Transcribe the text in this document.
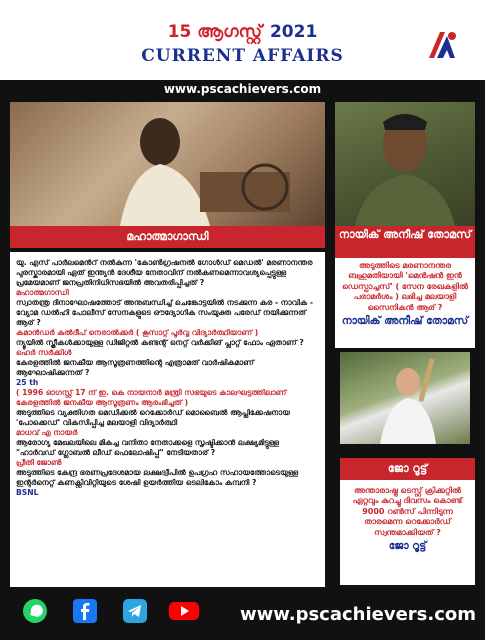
15 ആഗസ്റ്റ് 2021
CURRENT AFFAIRS
www.pscachievers.com
മഹാത്മാഗാന്ധി	നായിക് അനീഷ് തോമസ്
ജോ റൂട്ട്

യു. എസ് പാർലമെൻറ് നൽകുന്ന 'കോൺഗ്രഷനൽ ഗോൾഡ് മെഡൽ' മരണാനന്തര പുരസ്കാരമായി ഏത് ഇന്ത്യൻ ദേശീയ നേതാവിന് നൽകണമെന്നാവശ്യപ്പെട്ടുള്ള പ്രമേയമാണ് ജനപ്രതിനിധിസഭയിൽ അവതരിപ്പിച്ചത് ?

മഹാത്മഗാന്ധി

സ്വാതന്ത്ര ദിനാഘോഷത്തോട് അനുബന്ധിച്ച് ചെങ്കോട്ടയിൽ നടക്കുന്ന കര - നാവിക - വ്യോമ ഡൽഹി പോലീസ് സേനകളുടെ ഔദ്യോഗിക സംയുക്ത പരേഡ് നയിക്കുന്നത് ആര് ?

കമാൻഡർ കുൽദീപ് നെരാൽക്കർ ( കൂസാറ്റ് പൂർവ്വ വിദ്യാർത്ഥിയാണ് )

ന്യൂയിൽ സ്ത്രീകൾക്കായുള്ള ഡിജിറ്റൽ കണ്ടന്റ് നെറ്റ് വർക്കിങ് പ്ലാറ്റ് ഫോം ഏതാണ് ?

ഹെർ സർക്കിൾ

കേരളത്തിൽ ജനകീയ ആസൂത്രണത്തിന്റെ എത്രാമത് വാർഷികമാണ് ആഘോഷിക്കുന്നത് ?

25 th

( 1996 ഓഗസ്റ്റ് 17 ന് ഇ. കെ നായനാർ മന്ത്രി സഭയുടെ കാലഘട്ടത്തിലാണ് കേരളത്തിൽ ജനകീയ ആസൂത്രണം ആരംഭിച്ചത് )

അടുത്തിടെ വ്യക്തിഗത മെഡിക്കൽ റെക്കോർഡ് മൊബൈൽ ആപ്ലിക്കേഷനായ 'പോക്കെഡ്' വികസിപ്പിച്ച മലയാളി വിദ്യാർത്ഥി

മാധവ് എ നായർ

ആരോഗ്യ മേഖലയിലെ മികച്ച വനിതാ നേതാക്കളെ സൃഷ്ടിക്കാൻ ലക്ഷ്യമിട്ടുള്ള "ഹാർവഡ് ഗ്ലോബൽ ലീഡ് ഫെലോഷിപ്പ്" നേടിയതാര് ?

പ്രീതി ജോൺ

അടുത്തിടെ കേന്ദ്ര ഭരണപ്രദേശമായ ലക്ഷദ്വീപിൽ ഉപഗ്രഹ സഹായത്തോടെയുള്ള ഇന്റർനെറ്റ് കണക്റ്റിവിറ്റിയുടെ ശേഷി ഉയർത്തിയ ടെലികോം കമ്പനി ?

BSNL

അടുത്തിടെ മരണാനന്തര ബഹുമതിയായി 'മെൻഷൻ ഇൻ ഡെസ്പാച്ചസ്' ( സേന രേഖകളിൽ പരാമർശം ) ലഭിച്ച മലയാളി സൈനികൻ ആര് ?

നായിക് അനീഷ് തോമസ്

അന്താരാഷ്ട്ര ടെസ്റ്റ് ക്രിക്കറ്റിൽ ഏറ്റവും കുറച്ചു ദിവസം കൊണ്ട് 9000 റൺസ് പിന്നിടുന്ന താരമെന്ന റെക്കോർഡ് സ്വന്തമാക്കിയത് ?

ജോ റൂട്ട്

www.pscachievers.com
